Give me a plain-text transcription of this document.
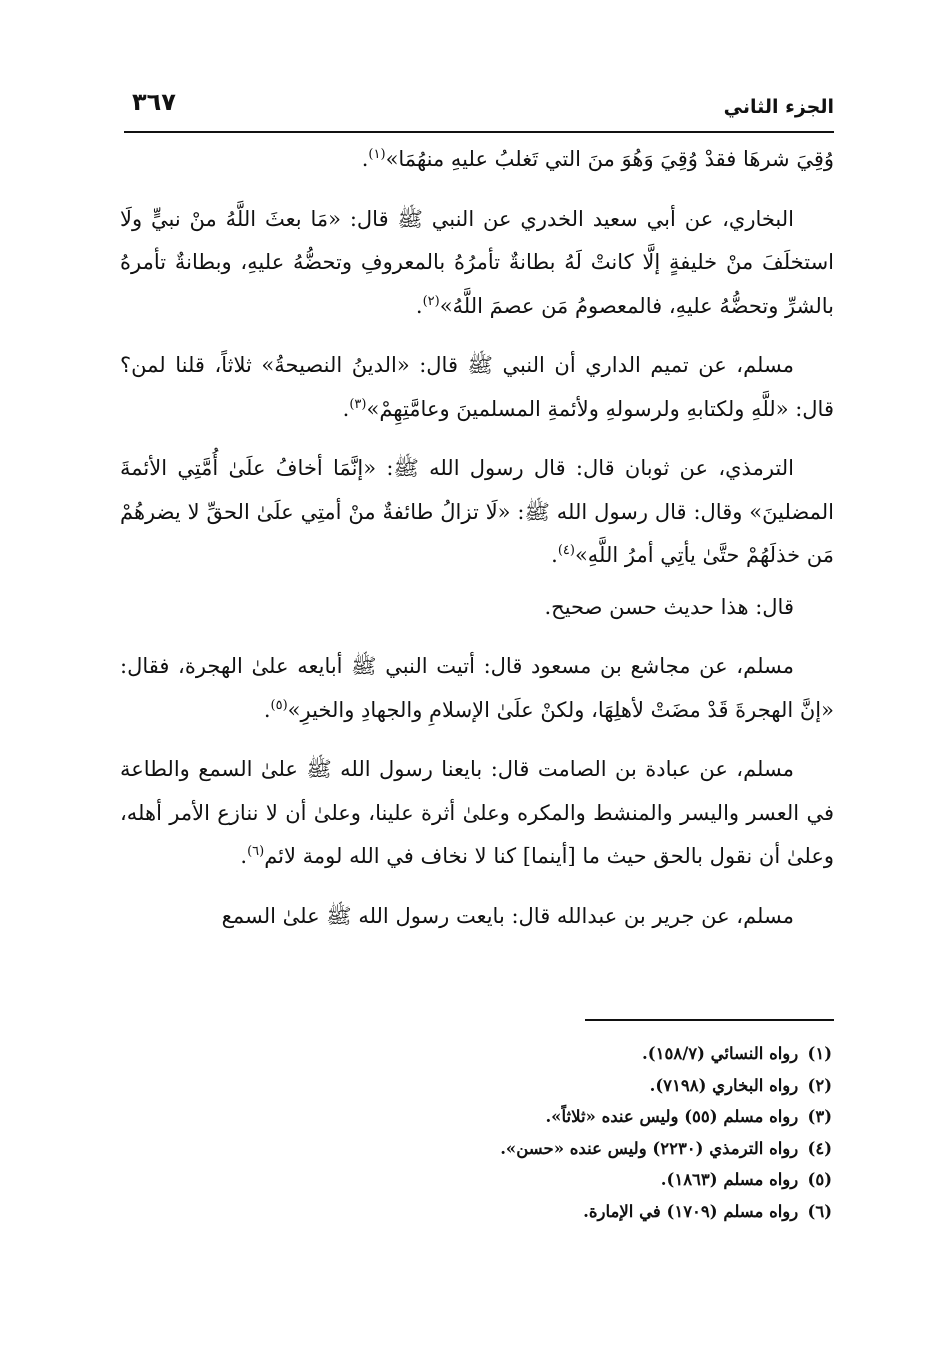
الجزء الثاني
٣٦٧

وُقِيَ شرهَا فقدْ وُقِيَ وَهُوَ منَ التي تَغلبُ عليهِ منهُمَا»$^{(١)}$.

البخاري، عن أبي سعيد الخدري عن النبي ﷺ قال: «مَا بعثَ اللَّهُ منْ نبيٍّ ولَا استخلَفَ منْ خليفةٍ إلَّا كانتْ لَهُ بطانةٌ تأمرُهُ بالمعروفِ وتحضُّهُ عليهِ، وبطانةٌ تأمرهُ بالشرِّ وتحضُّهُ عليهِ، فالمعصومُ مَن عصمَ اللَّهُ»$^{(٢)}$.

مسلم، عن تميم الداري أن النبي ﷺ قال: «الدينُ النصيحةُ» ثلاثاً، قلنا لمن؟ قال: «للَّهِ ولكتابهِ ولرسولهِ ولأئمةِ المسلمينَ وعامَّتِهِمْ»$^{(٣)}$.

الترمذي، عن ثوبان قال: قال رسول الله ﷺ: «إنَّمَا أخافُ علَىٰ أُمَّتِي الأئمةَ المضلينَ» وقال: قال رسول الله ﷺ: «لَا تزالُ طائفةٌ منْ أمتِي علَىٰ الحقِّ لا يضرهُمْ مَن خذلَهُمْ حتَّىٰ يأتِي أمرُ اللَّهِ»$^{(٤)}$.

قال: هذا حديث حسن صحيح.

مسلم، عن مجاشع بن مسعود قال: أتيت النبي ﷺ أبايعه علىٰ الهجرة، فقال: «إنَّ الهجرةَ قَدْ مضَتْ لأهلِهَا، ولكنْ علَىٰ الإسلامِ والجهادِ والخيرِ»$^{(٥)}$.

مسلم، عن عبادة بن الصامت قال: بايعنا رسول الله ﷺ علىٰ السمع والطاعة في العسر واليسر والمنشط والمكره وعلىٰ أثرة علينا، وعلىٰ أن لا ننازع الأمر أهله، وعلىٰ أن نقول بالحق حيث ما [أينما] كنا لا نخاف في الله لومة لائم$^{(٦)}$.

مسلم، عن جرير بن عبدالله قال: بايعت رسول الله ﷺ علىٰ السمع

(١) رواه النسائي (١٥٨/٧).
(٢) رواه البخاري (٧١٩٨).
(٣) رواه مسلم (٥٥) وليس عنده «ثلاثاً».
(٤) رواه الترمذي (٢٢٣٠) وليس عنده «حسن».
(٥) رواه مسلم (١٨٦٣).
(٦) رواه مسلم (١٧٠٩) في الإمارة.
